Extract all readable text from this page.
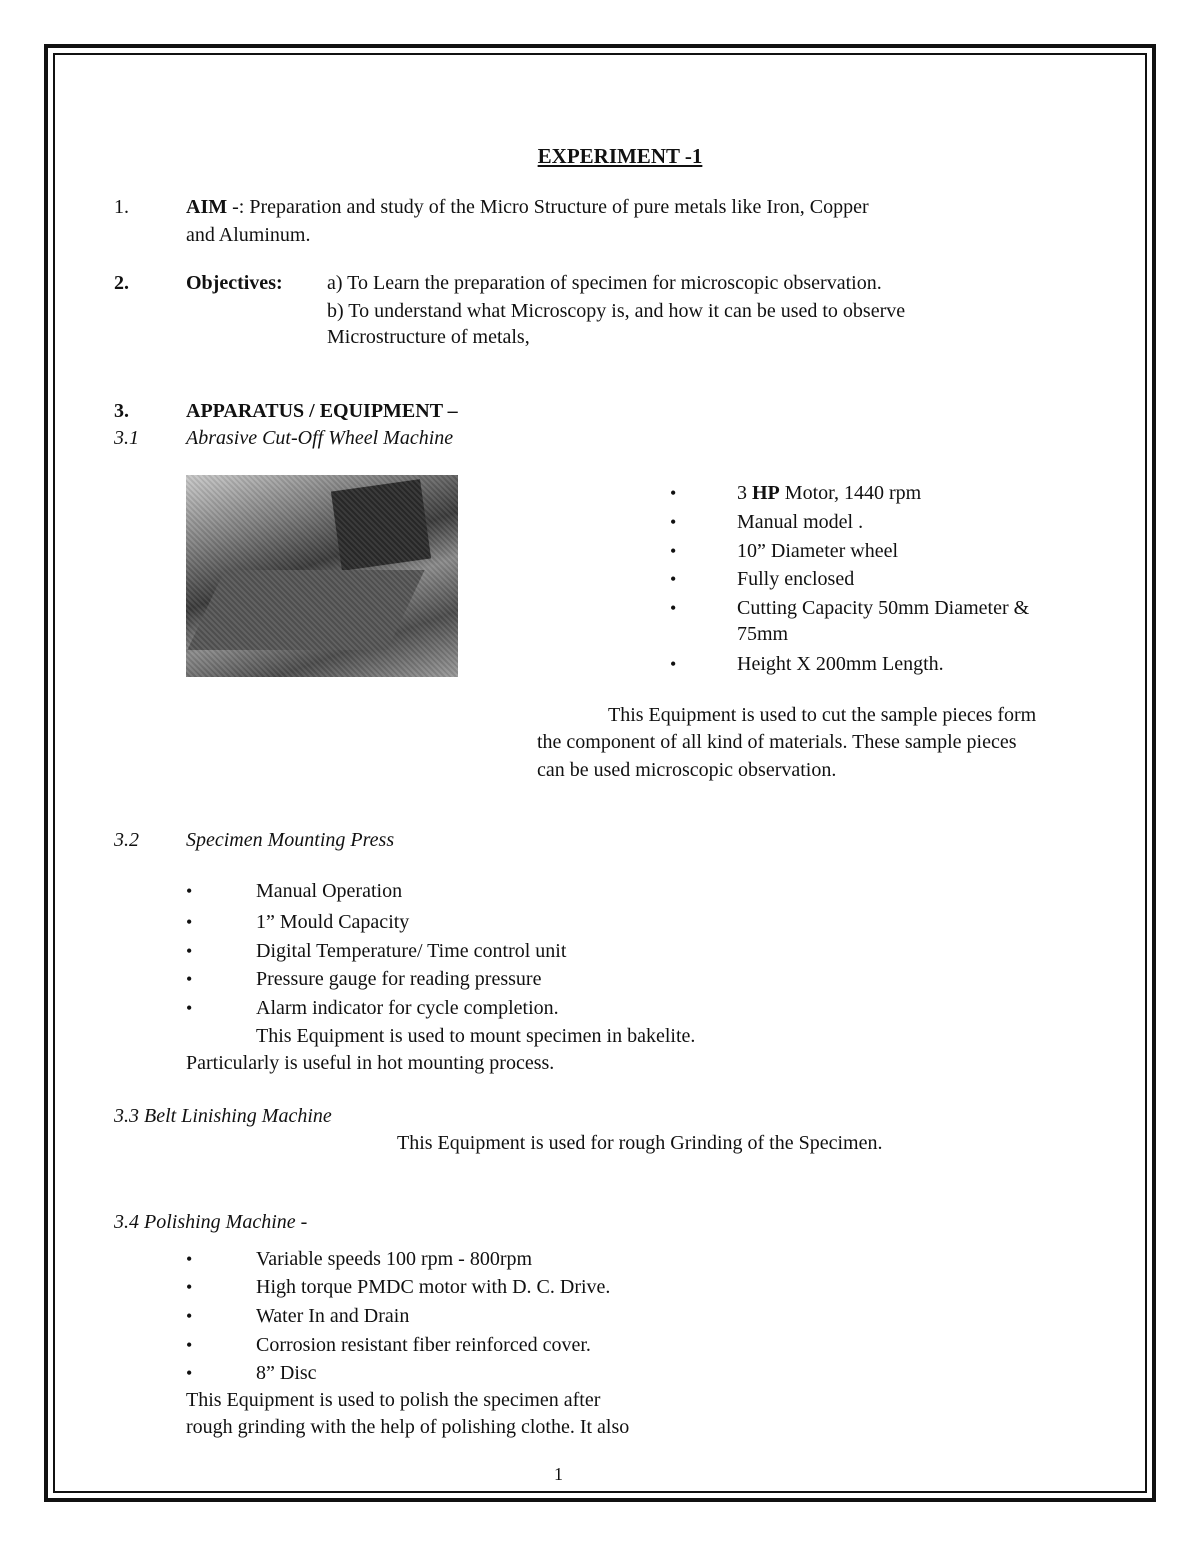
EXPERIMENT -1
1.	AIM -: Preparation and study of the Micro Structure of pure metals like Iron, Copper
and Aluminum.
2.	Objectives: a) To Learn the preparation of specimen for microscopic observation.
b) To understand what Microscopy is, and how it can be used to observe
Microstructure of metals,
3.	APPARATUS / EQUIPMENT –
3.1 Abrasive Cut-Off Wheel Machine
•	3 HP Motor, 1440 rpm
•	Manual model .
•	10” Diameter wheel
•	Fully enclosed
•	Cutting Capacity 50mm Diameter &
75mm
•	Height X 200mm Length.
This Equipment is used to cut the sample pieces form
the component of all kind of materials. These sample pieces
can be used microscopic observation.
3.2 Specimen Mounting Press
•	Manual Operation
•	1” Mould Capacity
•	Digital Temperature/ Time control unit
•	Pressure gauge for reading pressure
•	Alarm indicator for cycle completion.
This Equipment is used to mount specimen in bakelite.
Particularly is useful in hot mounting process.
3.3 Belt Linishing Machine
This Equipment is used for rough Grinding of the Specimen.
3.4 Polishing Machine -
•	Variable speeds 100 rpm - 800rpm
•	High torque PMDC motor with D. C. Drive.
•	Water In and Drain
•	Corrosion resistant fiber reinforced cover.
•	8” Disc
This Equipment is used to polish the specimen after
rough grinding with the help of polishing clothe. It also
1
